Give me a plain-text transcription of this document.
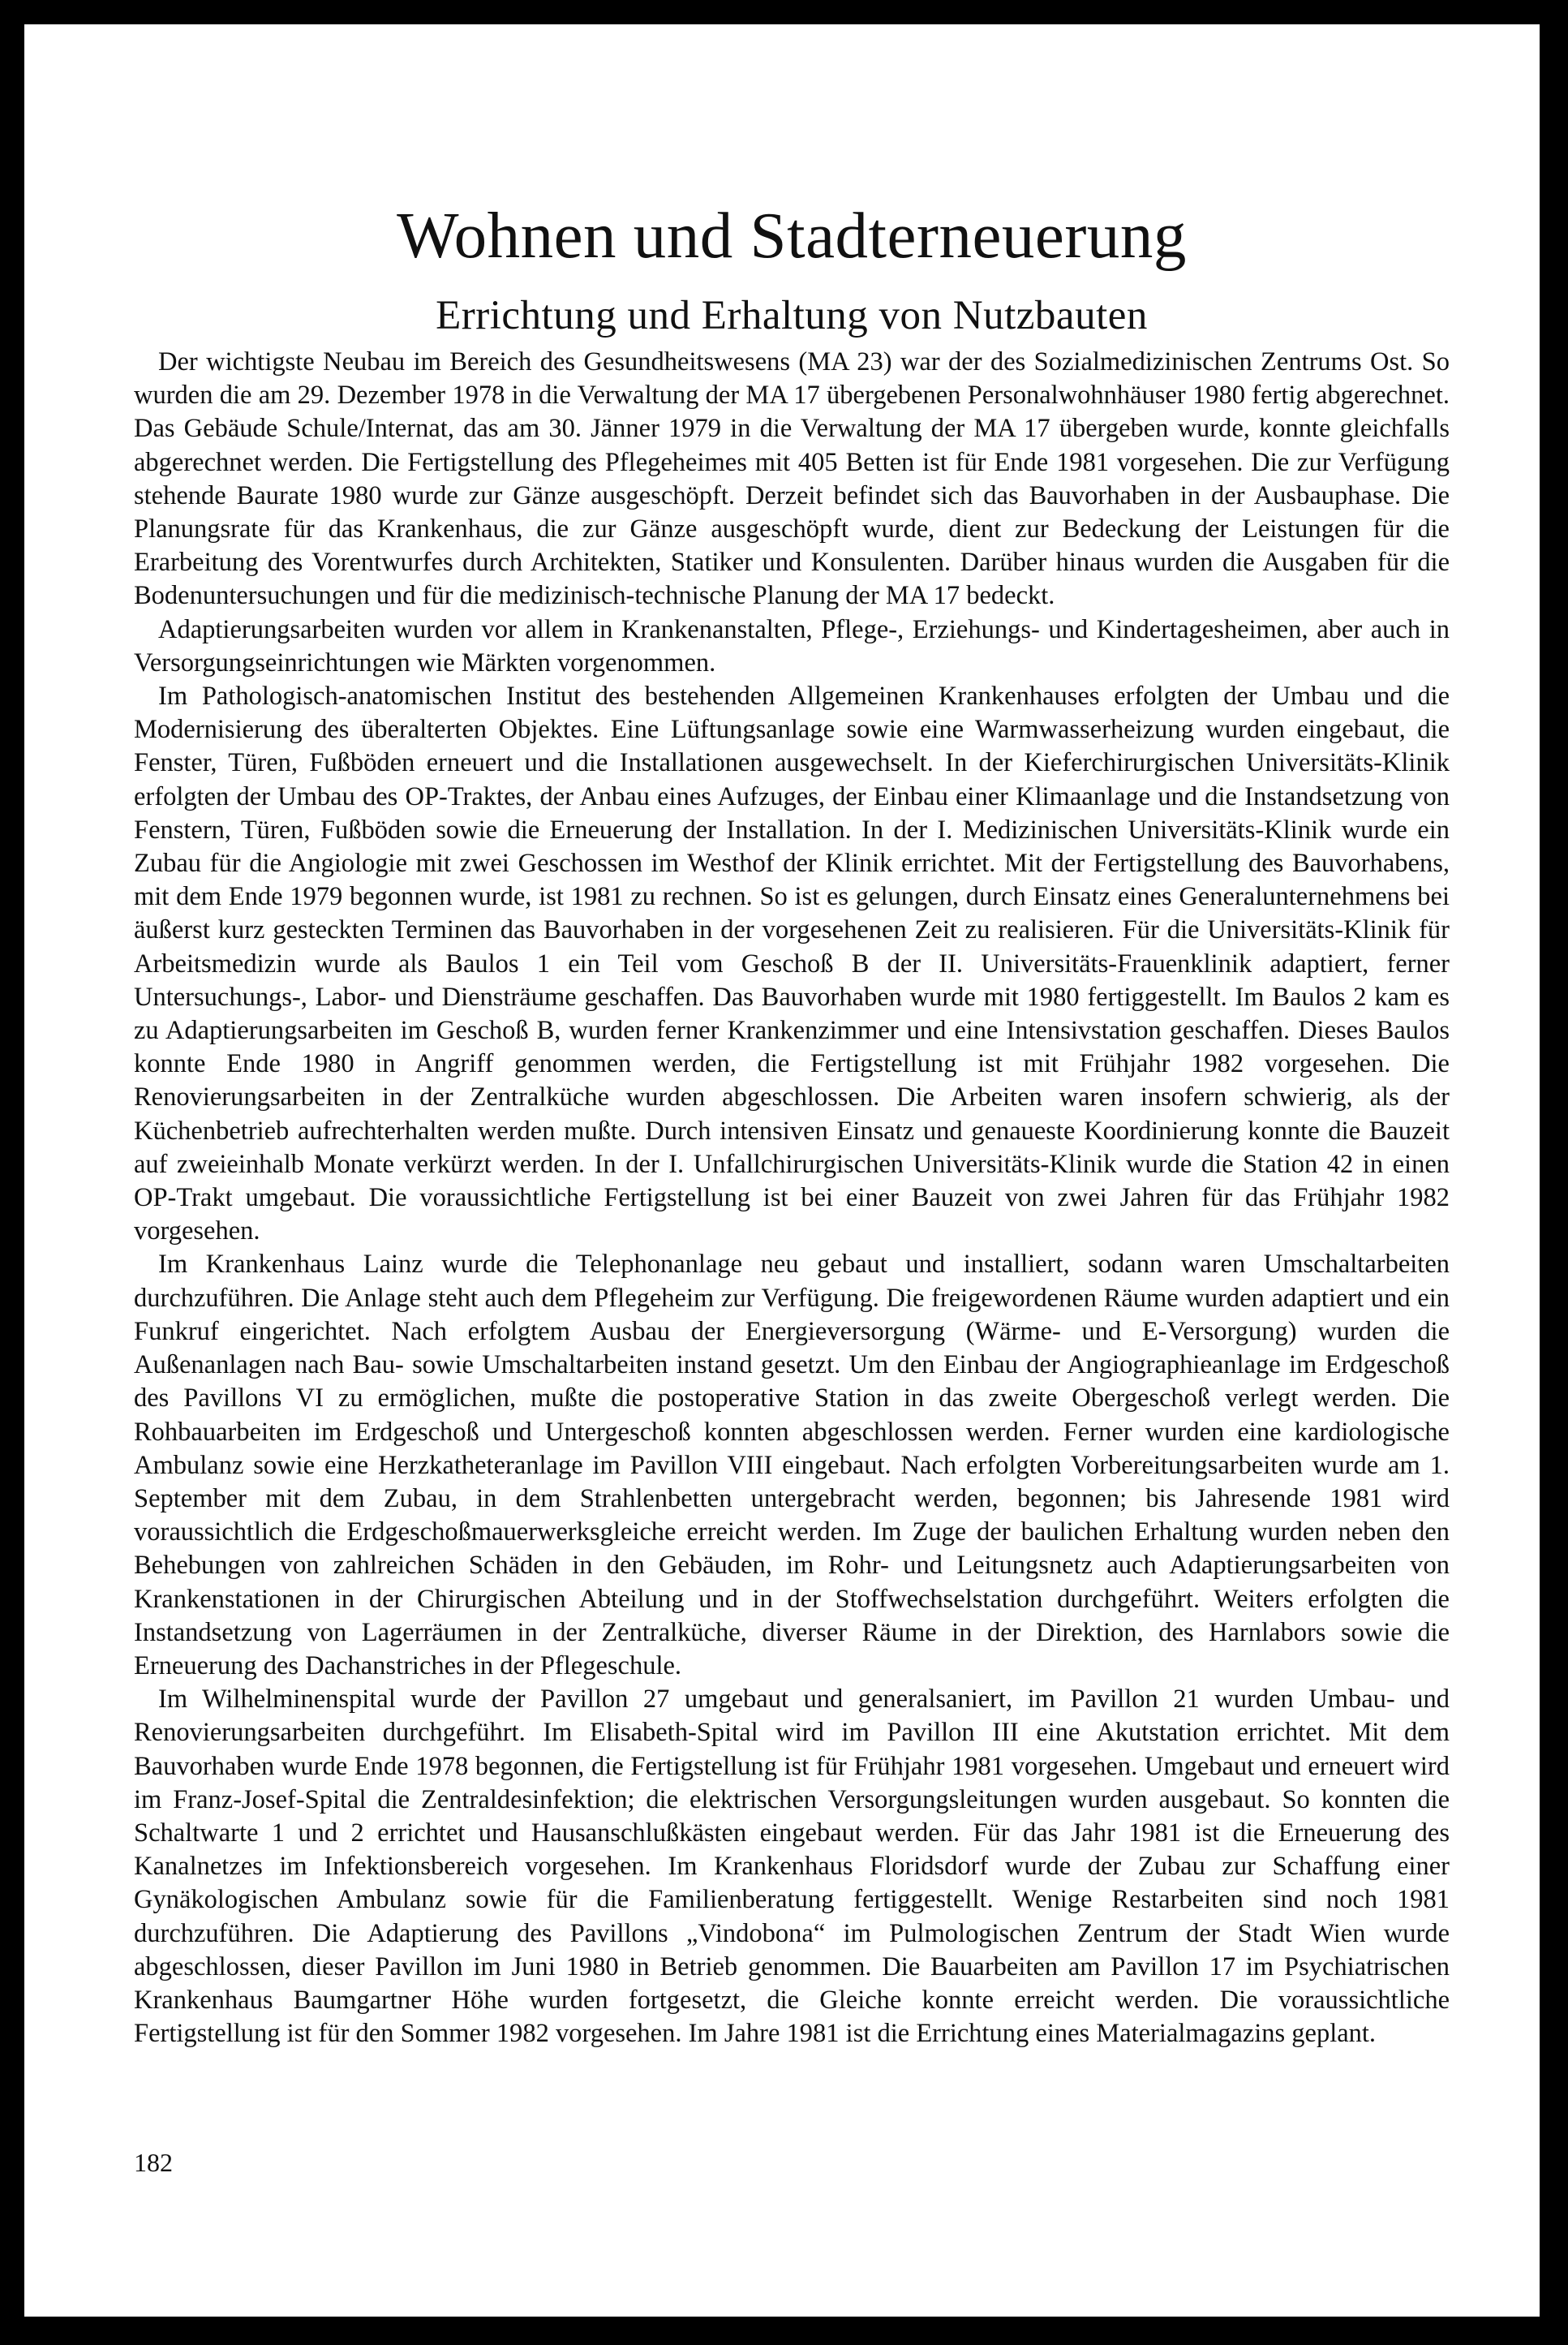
Wohnen und Stadterneuerung
Errichtung und Erhaltung von Nutzbauten

Der wichtigste Neubau im Bereich des Gesundheitswesens (MA 23) war der des Sozialmedizinischen Zentrums Ost. So wurden die am 29. Dezember 1978 in die Verwaltung der MA 17 übergebenen Personalwohnhäuser 1980 fertig abgerechnet. Das Gebäude Schule/Internat, das am 30. Jänner 1979 in die Verwaltung der MA 17 übergeben wurde, konnte gleichfalls abgerechnet werden. Die Fertigstellung des Pflegeheimes mit 405 Betten ist für Ende 1981 vorgesehen. Die zur Verfügung stehende Baurate 1980 wurde zur Gänze ausgeschöpft. Derzeit befindet sich das Bauvorhaben in der Ausbauphase. Die Planungsrate für das Krankenhaus, die zur Gänze ausgeschöpft wurde, dient zur Bedeckung der Leistungen für die Erarbeitung des Vorentwurfes durch Architekten, Statiker und Konsulenten. Darüber hinaus wurden die Ausgaben für die Bodenuntersuchungen und für die medizinisch-technische Planung der MA 17 bedeckt.

Adaptierungsarbeiten wurden vor allem in Krankenanstalten, Pflege-, Erziehungs- und Kindertagesheimen, aber auch in Versorgungseinrichtungen wie Märkten vorgenommen.

Im Pathologisch-anatomischen Institut des bestehenden Allgemeinen Krankenhauses erfolgten der Umbau und die Modernisierung des überalterten Objektes. Eine Lüftungsanlage sowie eine Warmwasserheizung wurden eingebaut, die Fenster, Türen, Fußböden erneuert und die Installationen ausgewechselt. In der Kieferchirurgischen Universitäts-Klinik erfolgten der Umbau des OP-Traktes, der Anbau eines Aufzuges, der Einbau einer Klimaanlage und die Instandsetzung von Fenstern, Türen, Fußböden sowie die Erneuerung der Installation. In der I. Medizinischen Universitäts-Klinik wurde ein Zubau für die Angiologie mit zwei Geschossen im Westhof der Klinik errichtet. Mit der Fertigstellung des Bauvorhabens, mit dem Ende 1979 begonnen wurde, ist 1981 zu rechnen. So ist es gelungen, durch Einsatz eines Generalunternehmens bei äußerst kurz gesteckten Terminen das Bauvorhaben in der vorgesehenen Zeit zu realisieren. Für die Universitäts-Klinik für Arbeitsmedizin wurde als Baulos 1 ein Teil vom Geschoß B der II. Universitäts-Frauenklinik adaptiert, ferner Untersuchungs-, Labor- und Diensträume geschaffen. Das Bauvorhaben wurde mit 1980 fertiggestellt. Im Baulos 2 kam es zu Adaptierungsarbeiten im Geschoß B, wurden ferner Krankenzimmer und eine Intensivstation geschaffen. Dieses Baulos konnte Ende 1980 in Angriff genommen werden, die Fertigstellung ist mit Frühjahr 1982 vorgesehen. Die Renovierungsarbeiten in der Zentralküche wurden abgeschlossen. Die Arbeiten waren insofern schwierig, als der Küchenbetrieb aufrechterhalten werden mußte. Durch intensiven Einsatz und genaueste Koordinierung konnte die Bauzeit auf zweieinhalb Monate verkürzt werden. In der I. Unfallchirurgischen Universitäts-Klinik wurde die Station 42 in einen OP-Trakt umgebaut. Die voraussichtliche Fertigstellung ist bei einer Bauzeit von zwei Jahren für das Frühjahr 1982 vorgesehen.

Im Krankenhaus Lainz wurde die Telephonanlage neu gebaut und installiert, sodann waren Umschaltarbeiten durchzuführen. Die Anlage steht auch dem Pflegeheim zur Verfügung. Die freigewordenen Räume wurden adaptiert und ein Funkruf eingerichtet. Nach erfolgtem Ausbau der Energieversorgung (Wärme- und E-Versorgung) wurden die Außenanlagen nach Bau- sowie Umschaltarbeiten instand gesetzt. Um den Einbau der Angiographieanlage im Erdgeschoß des Pavillons VI zu ermöglichen, mußte die postoperative Station in das zweite Obergeschoß verlegt werden. Die Rohbauarbeiten im Erdgeschoß und Untergeschoß konnten abgeschlossen werden. Ferner wurden eine kardiologische Ambulanz sowie eine Herzkatheteranlage im Pavillon VIII eingebaut. Nach erfolgten Vorbereitungsarbeiten wurde am 1. September mit dem Zubau, in dem Strahlenbetten untergebracht werden, begonnen; bis Jahresende 1981 wird voraussichtlich die Erdgeschoßmauerwerksgleiche erreicht werden. Im Zuge der baulichen Erhaltung wurden neben den Behebungen von zahlreichen Schäden in den Gebäuden, im Rohr- und Leitungsnetz auch Adaptierungsarbeiten von Krankenstationen in der Chirurgischen Abteilung und in der Stoffwechselstation durchgeführt. Weiters erfolgten die Instandsetzung von Lagerräumen in der Zentralküche, diverser Räume in der Direktion, des Harnlabors sowie die Erneuerung des Dachanstriches in der Pflegeschule.

Im Wilhelminenspital wurde der Pavillon 27 umgebaut und generalsaniert, im Pavillon 21 wurden Umbau- und Renovierungsarbeiten durchgeführt. Im Elisabeth-Spital wird im Pavillon III eine Akutstation errichtet. Mit dem Bauvorhaben wurde Ende 1978 begonnen, die Fertigstellung ist für Frühjahr 1981 vorgesehen. Umgebaut und erneuert wird im Franz-Josef-Spital die Zentraldesinfektion; die elektrischen Versorgungsleitungen wurden ausgebaut. So konnten die Schaltwarte 1 und 2 errichtet und Hausanschlußkästen eingebaut werden. Für das Jahr 1981 ist die Erneuerung des Kanalnetzes im Infektionsbereich vorgesehen. Im Krankenhaus Floridsdorf wurde der Zubau zur Schaffung einer Gynäkologischen Ambulanz sowie für die Familienberatung fertiggestellt. Wenige Restarbeiten sind noch 1981 durchzuführen. Die Adaptierung des Pavillons „Vindobona“ im Pulmologischen Zentrum der Stadt Wien wurde abgeschlossen, dieser Pavillon im Juni 1980 in Betrieb genommen. Die Bauarbeiten am Pavillon 17 im Psychiatrischen Krankenhaus Baumgartner Höhe wurden fortgesetzt, die Gleiche konnte erreicht werden. Die voraussichtliche Fertigstellung ist für den Sommer 1982 vorgesehen. Im Jahre 1981 ist die Errichtung eines Materialmagazins geplant.

182
